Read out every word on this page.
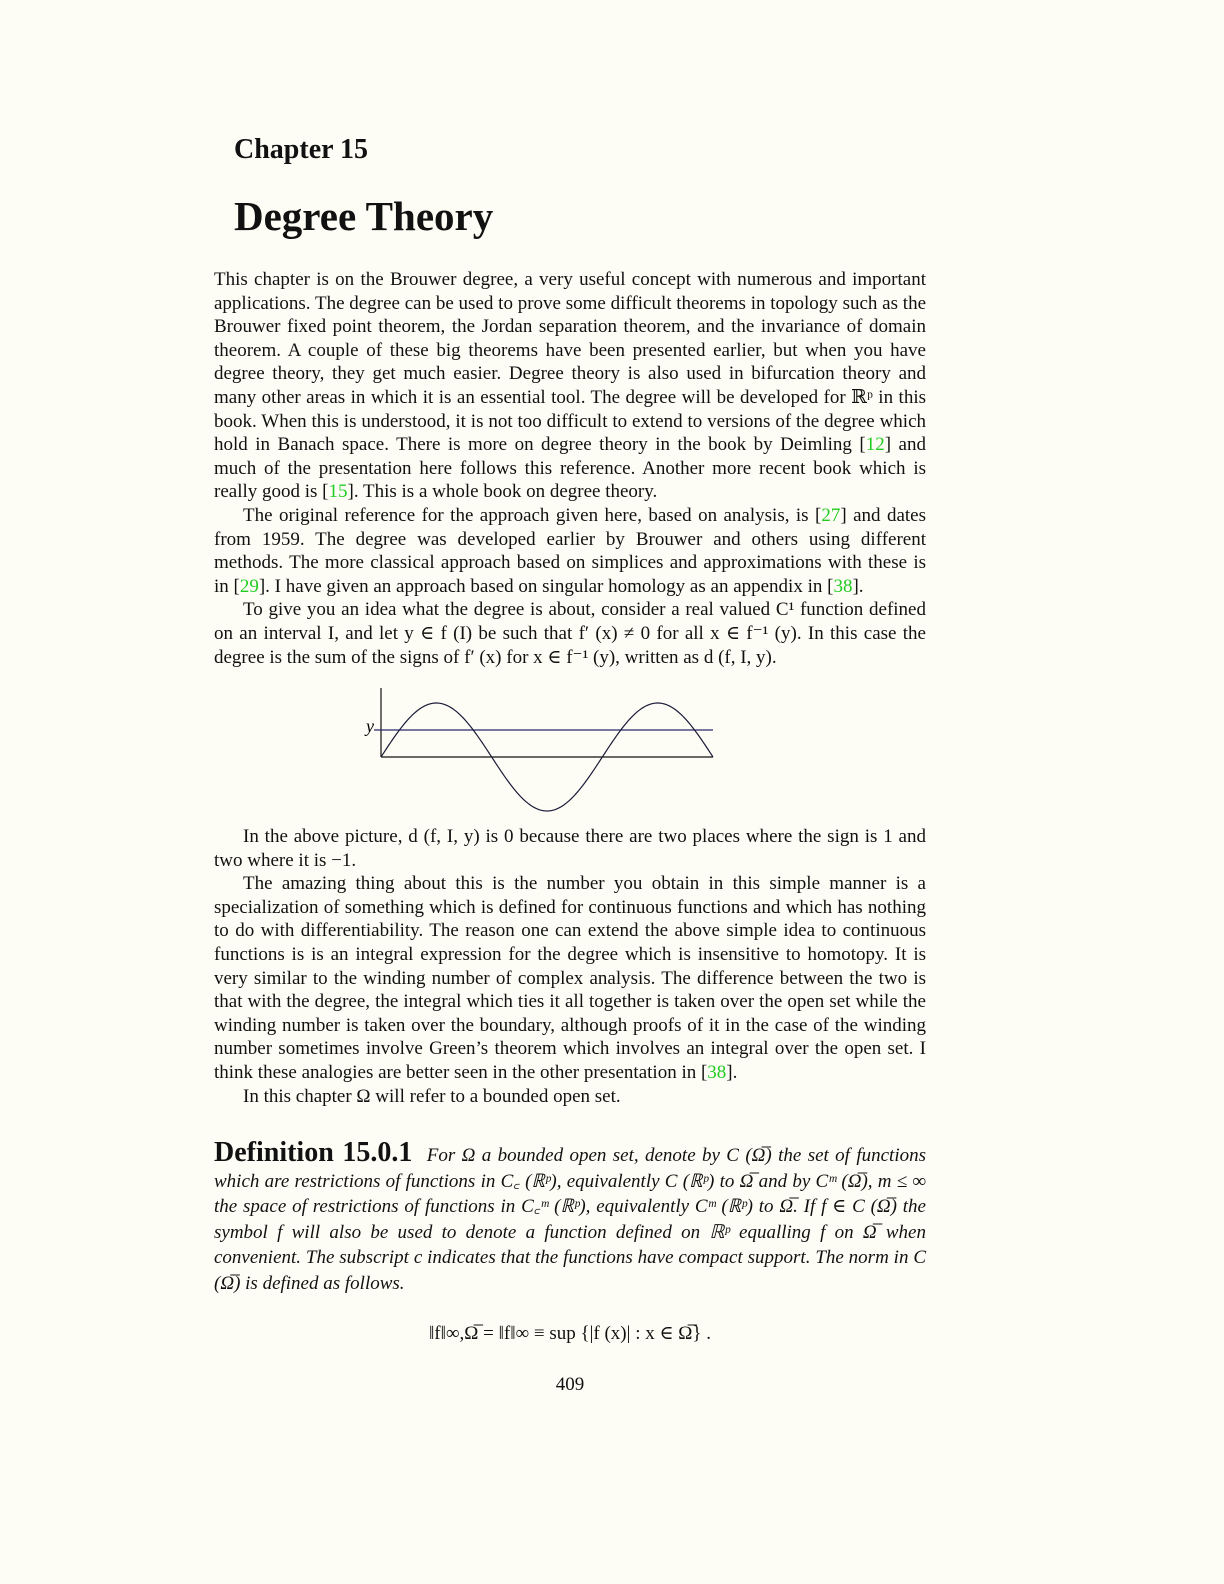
Chapter 15
Degree Theory

This chapter is on the Brouwer degree, a very useful concept with numerous and important applications. The degree can be used to prove some difficult theorems in topology such as the Brouwer fixed point theorem, the Jordan separation theorem, and the invariance of domain theorem. A couple of these big theorems have been presented earlier, but when you have degree theory, they get much easier. Degree theory is also used in bifurcation theory and many other areas in which it is an essential tool. The degree will be developed for ℝᵖ in this book. When this is understood, it is not too difficult to extend to versions of the degree which hold in Banach space. There is more on degree theory in the book by Deimling [12] and much of the presentation here follows this reference. Another more recent book which is really good is [15]. This is a whole book on degree theory.

The original reference for the approach given here, based on analysis, is [27] and dates from 1959. The degree was developed earlier by Brouwer and others using different methods. The more classical approach based on simplices and approximations with these is in [29]. I have given an approach based on singular homology as an appendix in [38].

To give you an idea what the degree is about, consider a real valued C¹ function defined on an interval I, and let y ∈ f (I) be such that f′ (x) ≠ 0 for all x ∈ f⁻¹ (y). In this case the degree is the sum of the signs of f′ (x) for x ∈ f⁻¹ (y), written as d (f, I, y).

y

In the above picture, d (f, I, y) is 0 because there are two places where the sign is 1 and two where it is −1.

The amazing thing about this is the number you obtain in this simple manner is a specialization of something which is defined for continuous functions and which has nothing to do with differentiability. The reason one can extend the above simple idea to continuous functions is is an integral expression for the degree which is insensitive to homotopy. It is very similar to the winding number of complex analysis. The difference between the two is that with the degree, the integral which ties it all together is taken over the open set while the winding number is taken over the boundary, although proofs of it in the case of the winding number sometimes involve Green’s theorem which involves an integral over the open set. I think these analogies are better seen in the other presentation in [38].

In this chapter Ω will refer to a bounded open set.

Definition 15.0.1 For Ω a bounded open set, denote by C (Ω̅) the set of functions which are restrictions of functions in C꜀ (ℝᵖ), equivalently C (ℝᵖ) to Ω̅ and by Cᵐ (Ω̅), m ≤ ∞ the space of restrictions of functions in C꜀ᵐ (ℝᵖ), equivalently Cᵐ (ℝᵖ) to Ω̅. If f ∈ C (Ω̅) the symbol f will also be used to denote a function defined on ℝᵖ equalling f on Ω̅ when convenient. The subscript c indicates that the functions have compact support. The norm in C (Ω̅) is defined as follows.
‖f‖∞,Ω̅ = ‖f‖∞ ≡ sup {|f (x)| : x ∈ Ω̅} .
409
